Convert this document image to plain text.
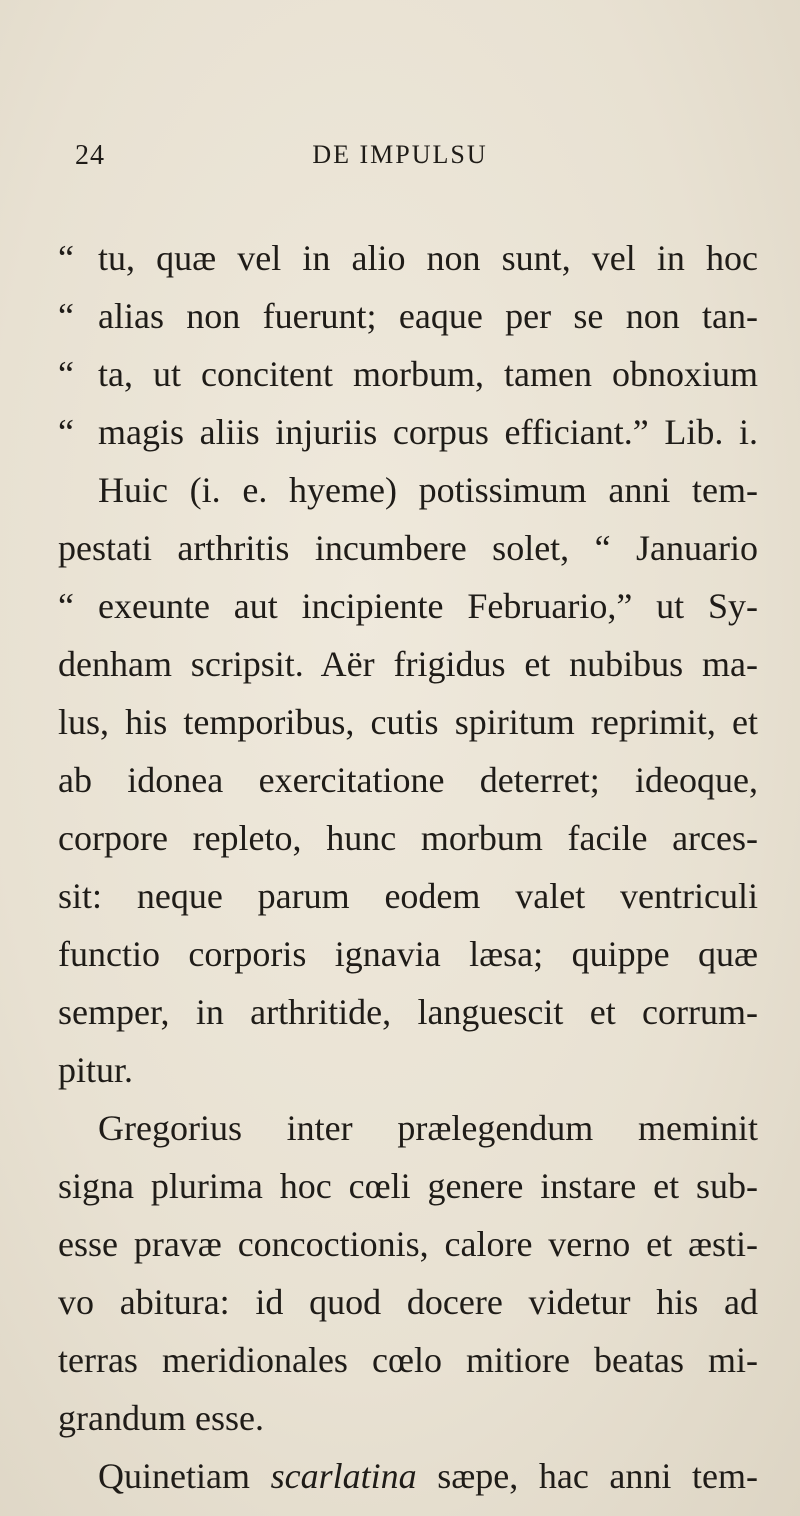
24	DE IMPULSU
“ tu, quæ vel in alio non sunt, vel in hoc
“ alias non fuerunt; eaque per se non tan-
“ ta, ut concitent morbum, tamen obnoxium
“ magis aliis injuriis corpus efficiant.” Lib. i.
Huic (i. e. hyeme) potissimum anni tem-
pestati arthritis incumbere solet, “ Januario
“ exeunte aut incipiente Februario,” ut Sy-
denham scripsit. Aër frigidus et nubibus ma-
lus, his temporibus, cutis spiritum reprimit, et
ab idonea exercitatione deterret; ideoque,
corpore repleto, hunc morbum facile arces-
sit: neque parum eodem valet ventriculi
functio corporis ignavia læsa; quippe quæ
semper, in arthritide, languescit et corrum-
pitur.
Gregorius inter prælegendum meminit
signa plurima hoc cœli genere instare et sub-
esse pravæ concoctionis, calore verno et æsti-
vo abitura: id quod docere videtur his ad
terras meridionales cœlo mitiore beatas mi-
grandum esse.
Quinetiam scarlatina sæpe, hac anni tem-
